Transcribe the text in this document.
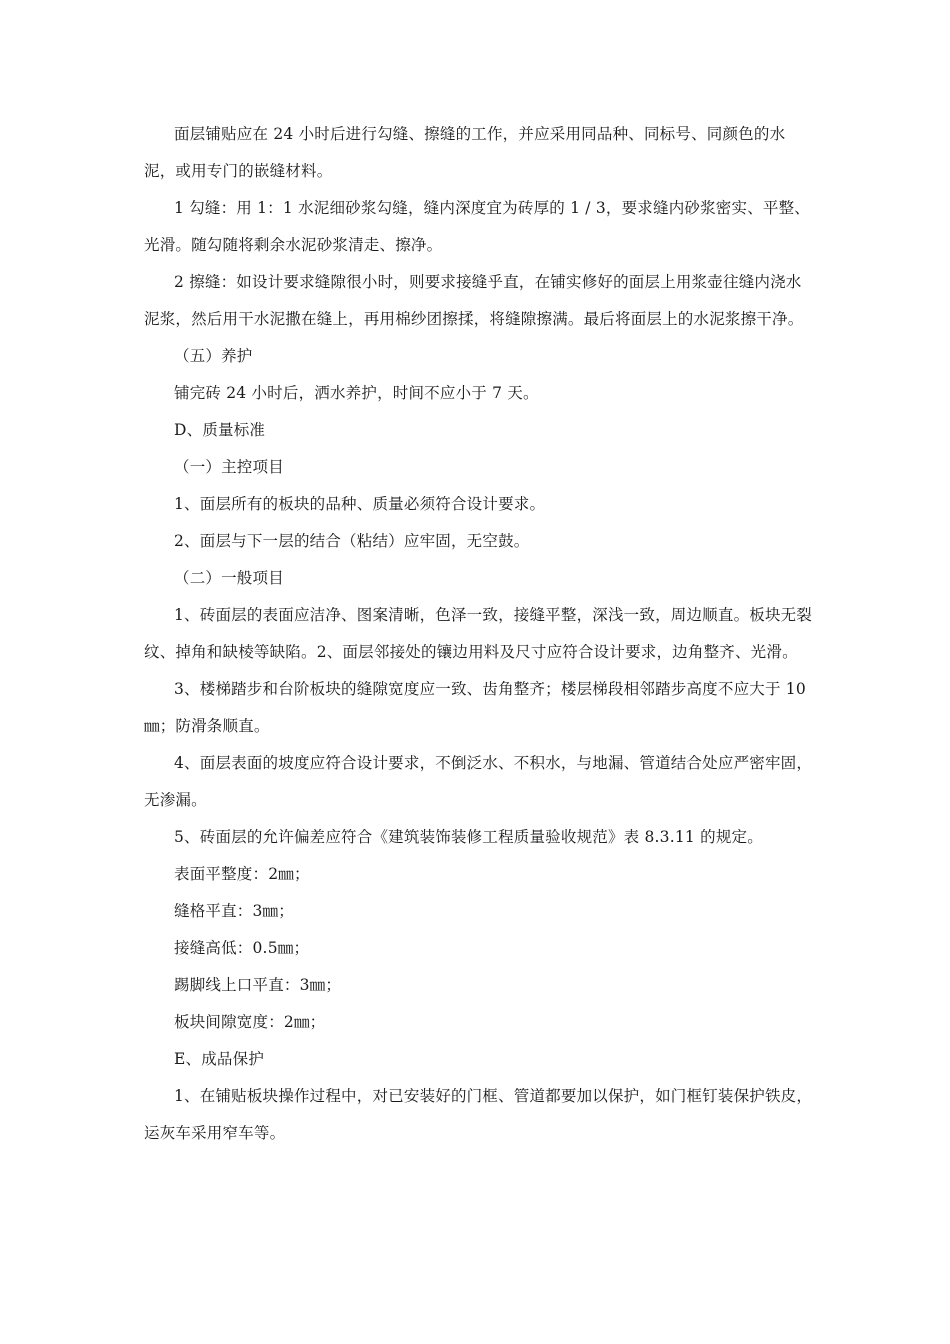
面层铺贴应在 24 小时后进行勾缝、擦缝的工作，并应采用同品种、同标号、同颜色的水泥，或用专门的嵌缝材料。

1 勾缝：用 1：1 水泥细砂浆勾缝，缝内深度宜为砖厚的 1 / 3，要求缝内砂浆密实、平整、光滑。随勾随将剩余水泥砂浆清走、擦净。

2 擦缝：如设计要求缝隙很小时，则要求接缝乎直，在铺实修好的面层上用浆壶往缝内浇水泥浆，然后用干水泥撒在缝上，再用棉纱团擦揉，将缝隙擦满。最后将面层上的水泥浆擦干净。

（五）养护

铺完砖 24 小时后，洒水养护，时间不应小于 7 天。

D、质量标准

（一）主控项目

1、面层所有的板块的品种、质量必须符合设计要求。

2、面层与下一层的结合（粘结）应牢固，无空鼓。

（二）一般项目

1、砖面层的表面应洁净、图案清晰，色泽一致，接缝平整，深浅一致，周边顺直。板块无裂纹、掉角和缺棱等缺陷。2、面层邻接处的镶边用料及尺寸应符合设计要求，边角整齐、光滑。

3、楼梯踏步和台阶板块的缝隙宽度应一致、齿角整齐；楼层梯段相邻踏步高度不应大于 10㎜；防滑条顺直。

4、面层表面的坡度应符合设计要求，不倒泛水、不积水，与地漏、管道结合处应严密牢固，无渗漏。

5、砖面层的允许偏差应符合《建筑装饰装修工程质量验收规范》表 8.3.11 的规定。

表面平整度：2㎜；

缝格平直：3㎜；

接缝高低：0.5㎜；

踢脚线上口平直：3㎜；

板块间隙宽度：2㎜；

E、成品保护

1、在铺贴板块操作过程中，对已安装好的门框、管道都要加以保护，如门框钉装保护铁皮，运灰车采用窄车等。
